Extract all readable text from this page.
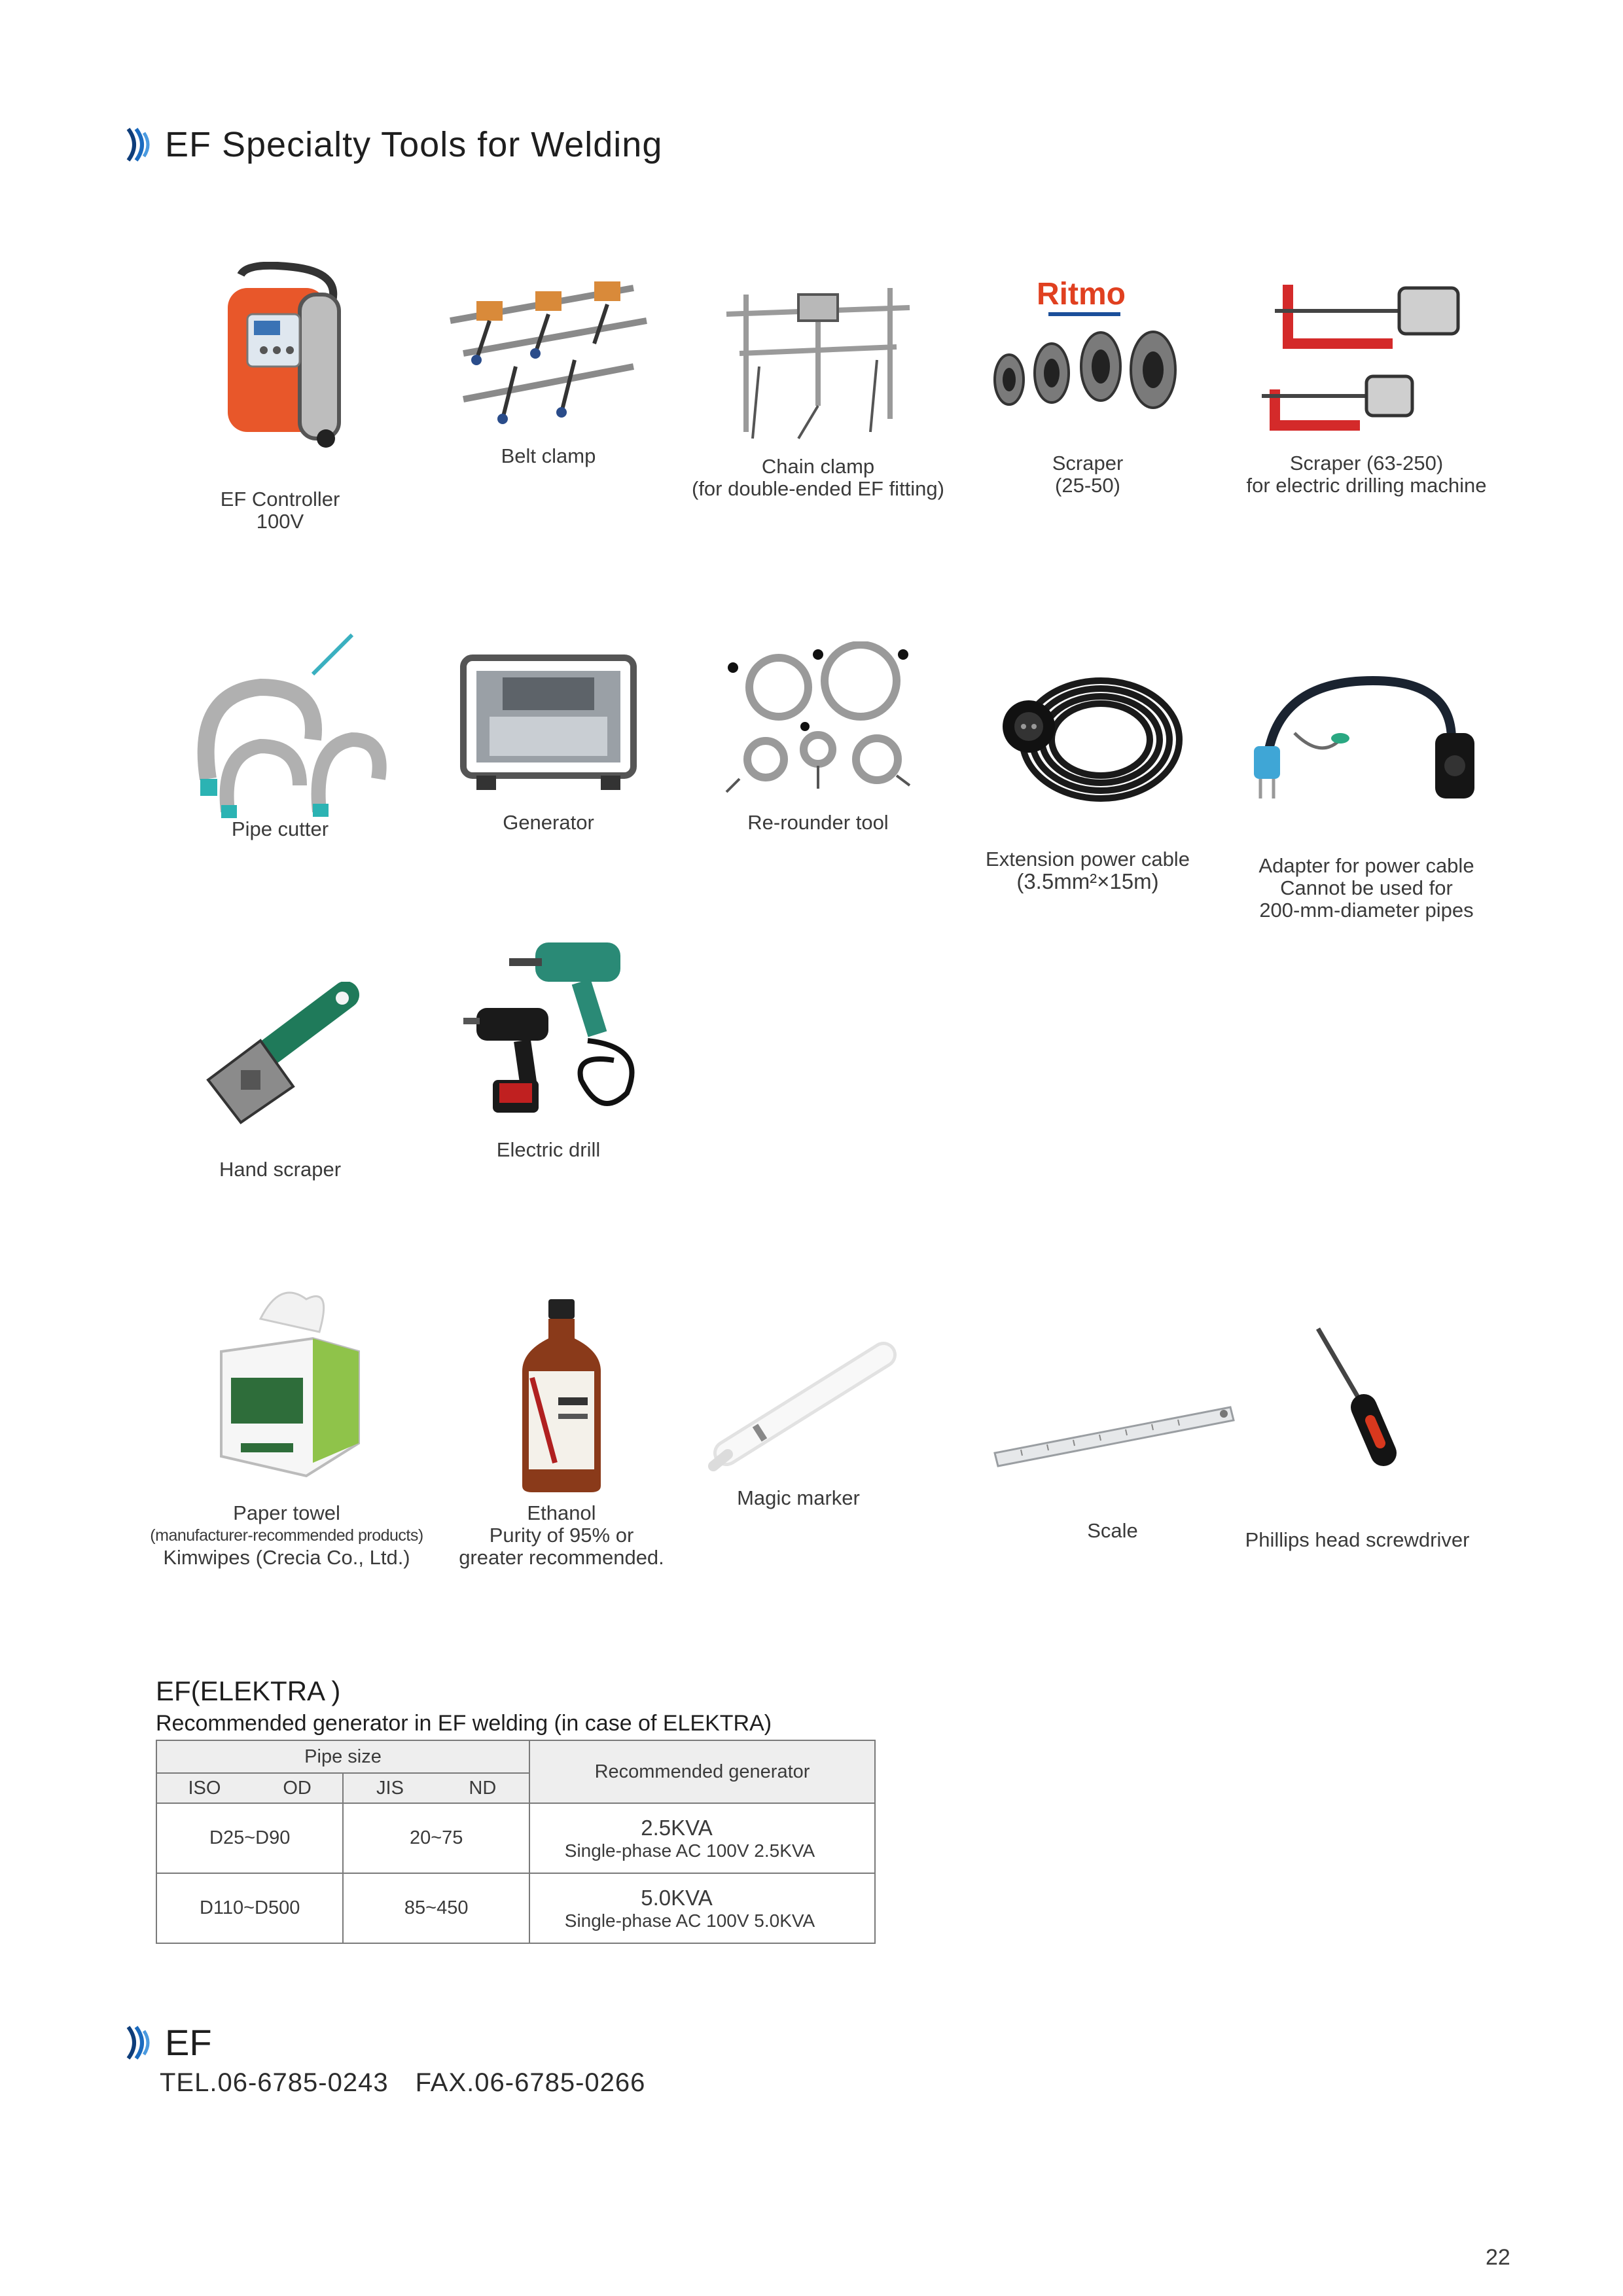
EF Specialty Tools for Welding
EF Controller
100V
Belt clamp	Chain clamp
(for double-ended EF fitting)
Ritmo
Scraper
(25-50)
Scraper (63-250)
for electric drilling machine
Pipe cutter	Generator	Re-rounder tool
Extension power cable
(3.5mm²×15m)
Adapter for power cable
Cannot be used for
200-mm-diameter pipes
Hand scraper
Electric drill
Paper towel
(manufacturer-recommended products)
Kimwipes (Crecia Co., Ltd.)
Ethanol
Purity of 95% or
greater recommended.
Magic marker
Scale	Phillips head screwdriver
EF(ELEKTRA )
Recommended generator in EF welding (in case of ELEKTRA)
Pipe size		Recommended generator

ISO OD	JIS ND	

D25~D90	20~75	2.5KVA
Single-phase AC 100V 2.5KVA

D110~D500	85~450	5.0KVA
Single-phase AC 100V 5.0KVA
EF
TEL.06-6785-0243　FAX.06-6785-0266
22
